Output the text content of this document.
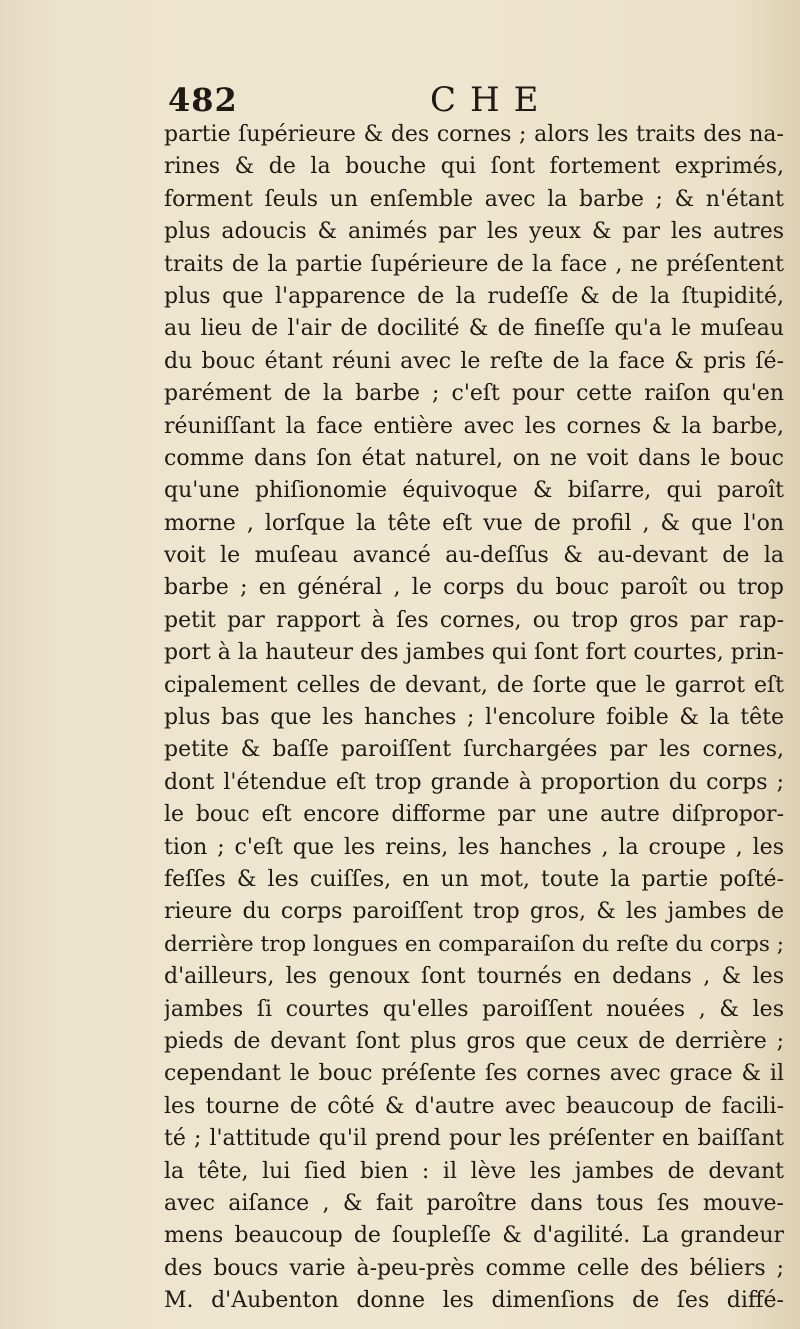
482	CHE
partie ſupérieure & des cornes ; alors les traits des na-
rines & de la bouche qui ſont fortement exprimés,
forment ſeuls un enſemble avec la barbe ; & n'étant
plus adoucis & animés par les yeux & par les autres
traits de la partie ſupérieure de la face , ne préſentent
plus que l'apparence de la rudeſſe & de la ſtupidité,
au lieu de l'air de docilité & de fineſſe qu'a le muſeau
du bouc étant réuni avec le reſte de la face & pris ſé-
parément de la barbe ; c'eſt pour cette raiſon qu'en
réuniſſant la face entière avec les cornes & la barbe,
comme dans ſon état naturel, on ne voit dans le bouc
qu'une phiſionomie équivoque & biſarre, qui paroît
morne , lorſque la tête eſt vue de profil , & que l'on
voit le muſeau avancé au-deſſus & au-devant de la
barbe ; en général , le corps du bouc paroît ou trop
petit par rapport à ſes cornes, ou trop gros par rap-
port à la hauteur des jambes qui ſont fort courtes, prin-
cipalement celles de devant, de ſorte que le garrot eſt
plus bas que les hanches ; l'encolure foible & la tête
petite & baſſe paroiſſent ſurchargées par les cornes,
dont l'étendue eſt trop grande à proportion du corps ;
le bouc eſt encore difforme par une autre diſpropor-
tion ; c'eſt que les reins, les hanches , la croupe , les
feſſes & les cuiſſes, en un mot, toute la partie poſté-
rieure du corps paroiſſent trop gros, & les jambes de
derrière trop longues en comparaiſon du reſte du corps ;
d'ailleurs, les genoux ſont tournés en dedans , & les
jambes ſi courtes qu'elles paroiſſent nouées , & les
pieds de devant ſont plus gros que ceux de derrière ;
cependant le bouc préſente ſes cornes avec grace & il
les tourne de côté & d'autre avec beaucoup de facili-
té ; l'attitude qu'il prend pour les préſenter en baiſſant
la tête, lui ſied bien : il lève les jambes de devant
avec aiſance , & fait paroître dans tous ſes mouve-
mens beaucoup de ſoupleſſe & d'agilité. La grandeur
des boucs varie à-peu-près comme celle des béliers ;
M. d'Aubenton donne les dimenſions de ſes diffé-
